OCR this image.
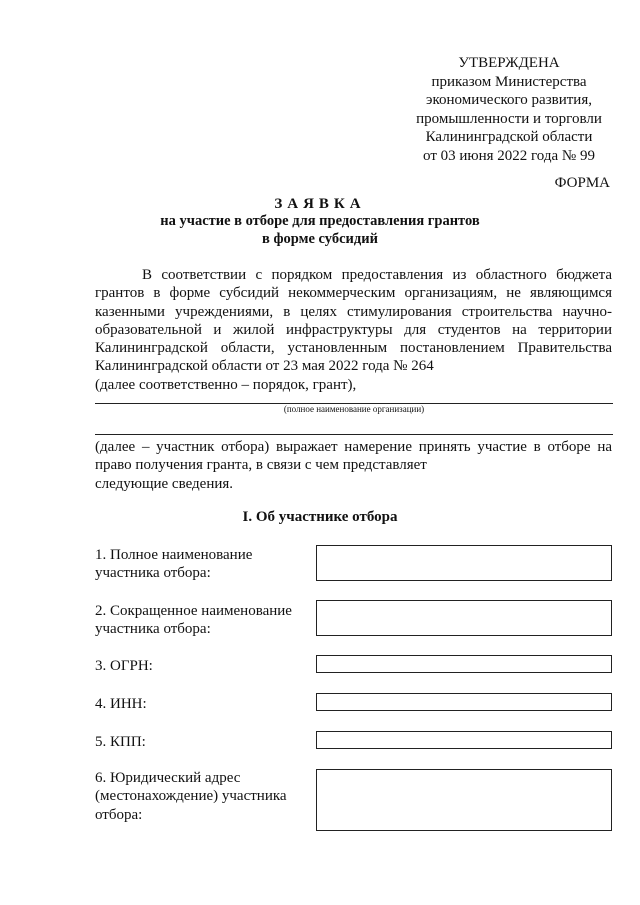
УТВЕРЖДЕНА
приказом Министерства
экономического развития,
промышленности и торговли
Калининградской области
от 03 июня 2022 года № 99
ФОРМА
ЗАЯВКА
на участие в отборе для предоставления грантов
в форме субсидий
В соответствии с порядком предоставления из областного бюджета грантов в форме субсидий некоммерческим организациям, не являющимся казенными учреждениями, в целях стимулирования строительства научно-образовательной и жилой инфраструктуры для студентов на территории Калининградской области, установленным постановлением Правительства Калининградской области от 23 мая 2022 года № 264
(далее соответственно – порядок, грант),
(полное наименование организации)
(далее – участник отбора) выражает намерение принять участие в отборе на право получения гранта, в связи с чем представляет
следующие сведения.
I. Об участнике отбора
1. Полное наименование участника отбора:
2. Сокращенное наименование участника отбора:
3. ОГРН:
4. ИНН:
5. КПП:
6. Юридический адрес (местонахождение) участника отбора:
